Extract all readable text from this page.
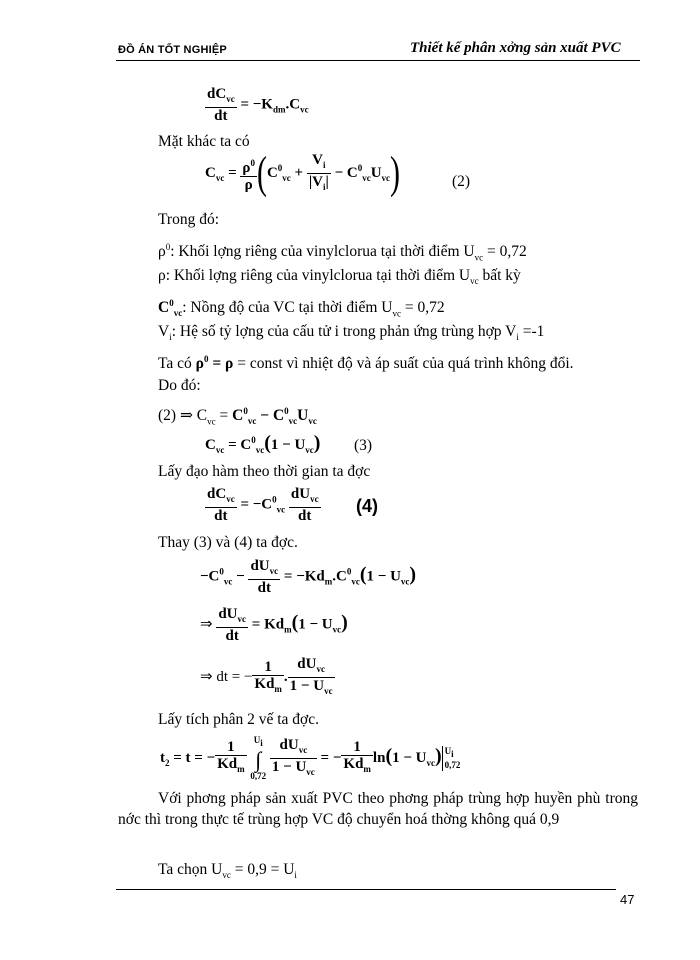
ĐỒ ÁN TỐT NGHIỆP	Thiết kế phân xởng sản xuất PVC
$\frac{dC_{vc}}{dt} = -K_{dm}.C_{vc}$
Mặt khác ta có
$C_{vc} = \frac{\rho^0}{\rho} (C^0_{vc} + \frac{V_i}{|V_i|} - C^0_{vc}U_{vc})$	(2)
Trong đó:
$\rho^0$: Khối lợng riêng của vinylclorua tại thời điểm $U_{vc} = 0,72$
ρ: Khối lợng riêng của vinylclorua tại thời điểm $U_{vc}$ bất kỳ
$C^0_{vc}$: Nồng độ của VC tại thời điểm $U_{vc} = 0,72$
$V_i$: Hệ số tỷ lợng của cấu tử i trong phản ứng trùng hợp $V_i =-1$
Ta có $\rho^0 = \rho$ = const vì nhiệt độ và áp suất của quá trình không đổi.
Do đó:
(2) ⇒ $C_{vc} = C^0_{vc} - C^0_{vc}U_{vc}$
$C_{vc} = C^0_{vc}(1 - U_{vc})$ (3)
Lấy đạo hàm theo thời gian ta đợc
$\frac{dC_{vc}}{dt} = -C^0_{vc} \frac{dU_{vc}}{dt} (4)$
Thay (3) và (4) ta đợc.
$-C^0_{vc} - \frac{dU_{vc}}{dt} = -Kd_m.C^0_{vc}(1 - U_{vc})$
⇒ $\frac{dU_{vc}}{dt} = Kd_m(1 - U_{vc})$
⇒ dt = − $\frac{1}{Kd_m}$ . $\frac{dU_{vc}}{1 - U_{vc}}$
Lấy tích phân 2 vế ta đợc.
$t_2 = t$ = − $\frac{1}{Kd_m} U_i$
∫
$0,72 \frac{dU_{vc}}{1 - U_{vc}}$ = − $\frac{1}{Kd_m} \ln(1 - U_{vc})$ $U_i$
0,72
Với phơng pháp sản xuất PVC theo phơng pháp trùng hợp huyền phù trong nớc thì trong thực tế trùng hợp VC độ chuyển hoá thờng không quá 0,9
Ta chọn $U_{vc} = 0,9 = U_i$
47
